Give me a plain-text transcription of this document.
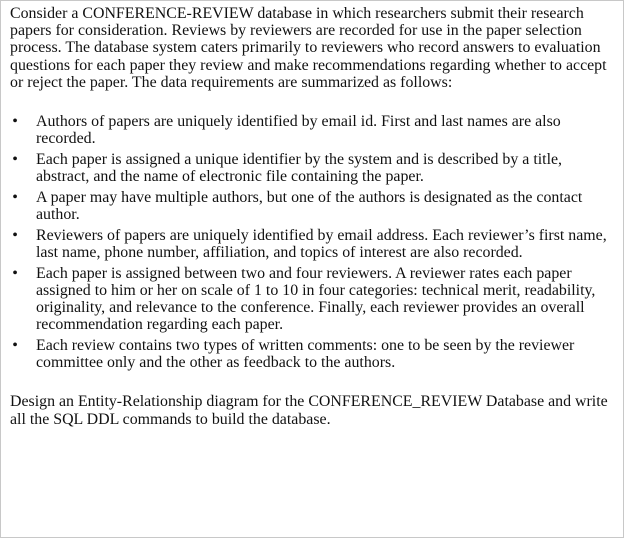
Consider a CONFERENCE-REVIEW database in which researchers submit their research papers for consideration. Reviews by reviewers are recorded for use in the paper selection process. The database system caters primarily to reviewers who record answers to evaluation questions for each paper they review and make recommendations regarding whether to accept or reject the paper. The data requirements are summarized as follows:

• Authors of papers are uniquely identified by email id. First and last names are also recorded.
• Each paper is assigned a unique identifier by the system and is described by a title, abstract, and the name of electronic file containing the paper.
• A paper may have multiple authors, but one of the authors is designated as the contact author.
• Reviewers of papers are uniquely identified by email address. Each reviewer’s first name, last name, phone number, affiliation, and topics of interest are also recorded.
• Each paper is assigned between two and four reviewers. A reviewer rates each paper assigned to him or her on scale of 1 to 10 in four categories: technical merit, readability, originality, and relevance to the conference. Finally, each reviewer provides an overall recommendation regarding each paper.
• Each review contains two types of written comments: one to be seen by the reviewer committee only and the other as feedback to the authors.

Design an Entity-Relationship diagram for the CONFERENCE_REVIEW Database and write all the SQL DDL commands to build the database.
